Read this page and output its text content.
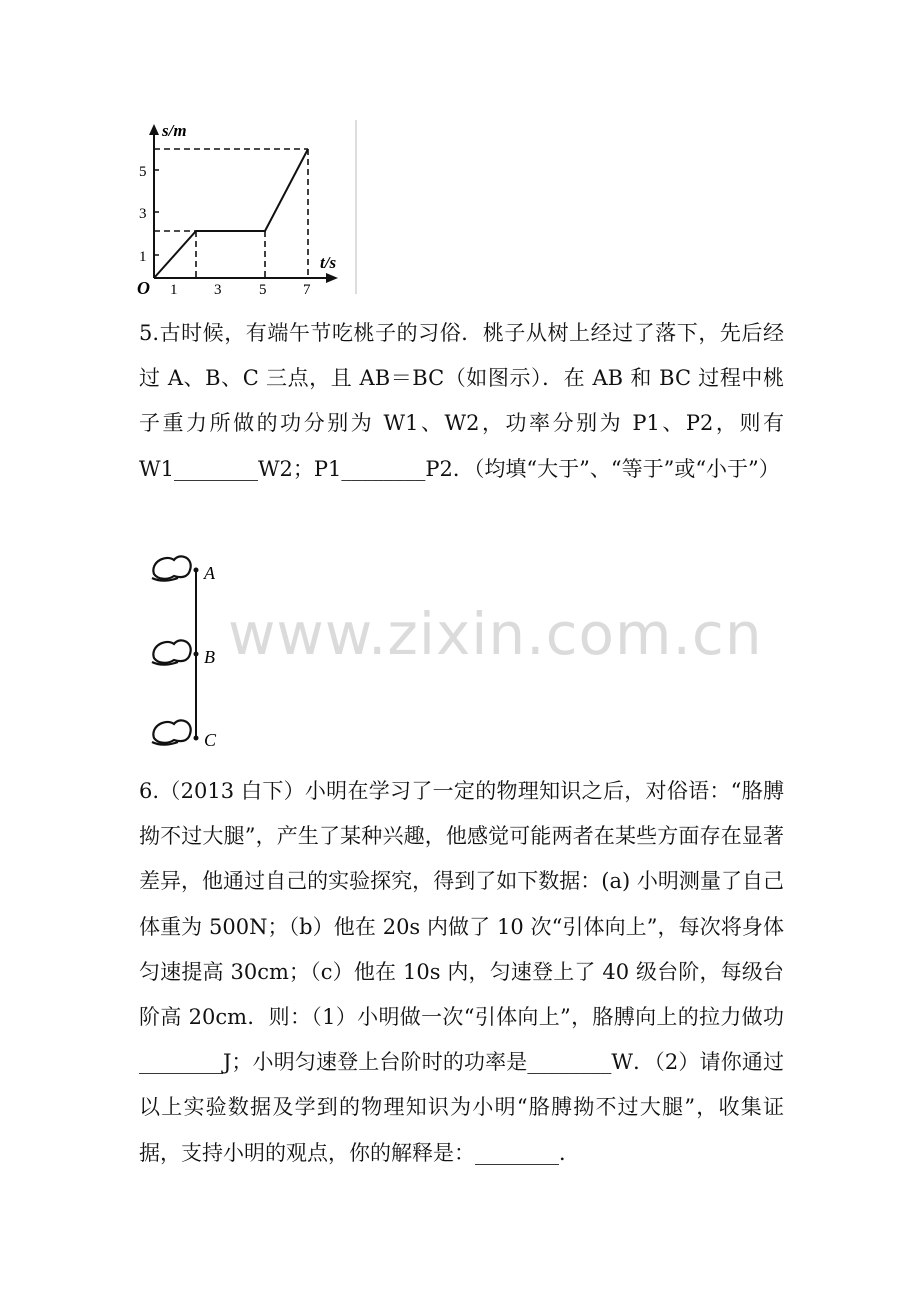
s/m
t/s
O
1
3
5
1 3	5 7

5.古时候，有端午节吃桃子的习俗．桃子从树上经过了落下，先后经过 A、B、C 三点，且 AB＝BC（如图示）．在 AB 和 BC 过程中桃子重力所做的功分别为 W1、W2，功率分别为 P1、P2，则有 W1________W2；P1________P2．（均填“大于”、“等于”或“小于”）

A
B
C
www.zixin.com.cn

6.（2013 白下）小明在学习了一定的物理知识之后，对俗语：“胳膊拗不过大腿”，产生了某种兴趣，他感觉可能两者在某些方面存在显著差异，他通过自己的实验探究，得到了如下数据：(a) 小明测量了自己体重为 500N；（b）他在 20s 内做了 10 次“引体向上”，每次将身体匀速提高 30cm；（c）他在 10s 内，匀速登上了 40 级台阶，每级台阶高 20cm．则：（1）小明做一次“引体向上”，胳膊向上的拉力做功________J；小明匀速登上台阶时的功率是________W．（2）请你通过以上实验数据及学到的物理知识为小明“胳膊拗不过大腿”，收集证据，支持小明的观点，你的解释是：________．
